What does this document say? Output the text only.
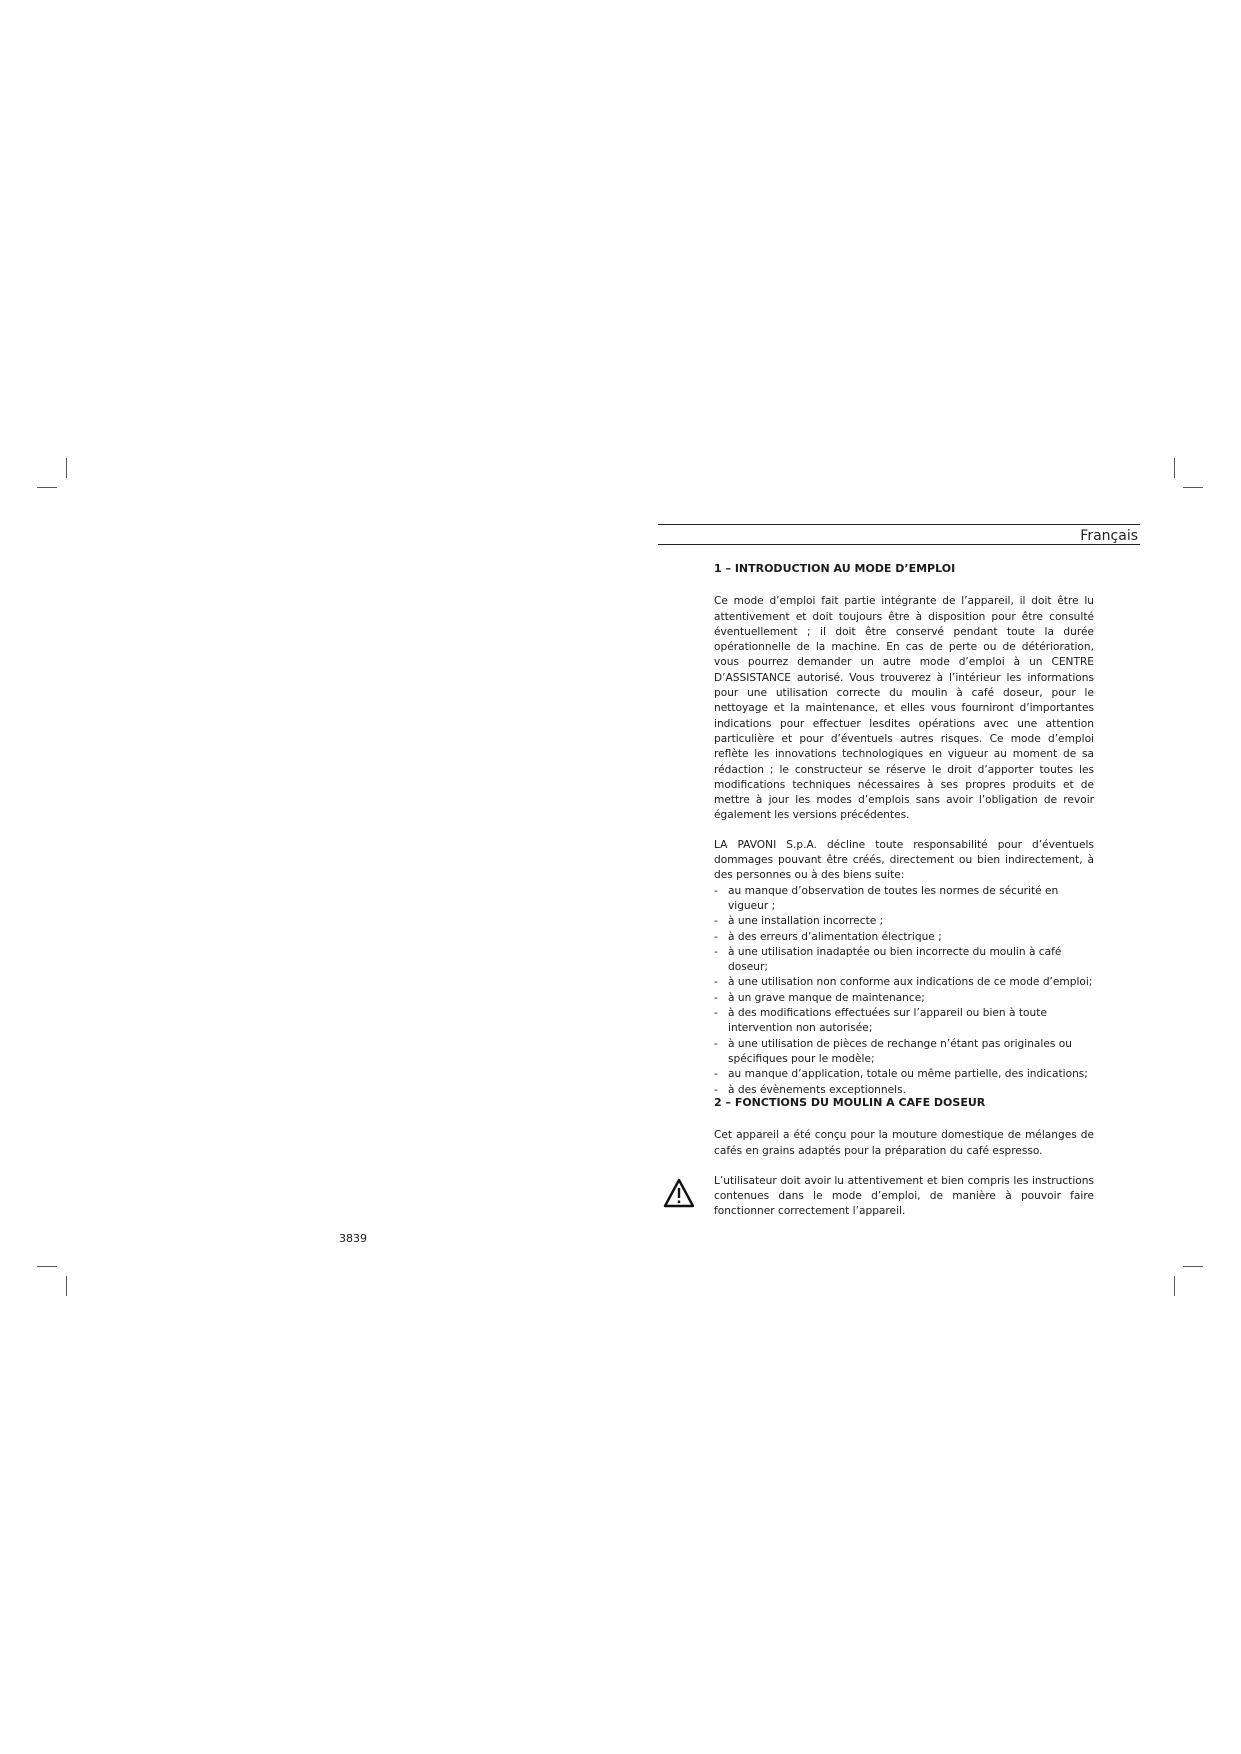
Français

1 – INTRODUCTION AU MODE D’EMPLOI

Ce mode d’emploi fait partie intégrante de l’appareil, il doit être lu attentivement et doit toujours être à disposition pour être consulté éventuellement ; il doit être conservé pendant toute la durée opérationnelle de la machine. En cas de perte ou de détérioration, vous pourrez demander un autre mode d’emploi à un CENTRE D’ASSISTANCE autorisé. Vous trouverez à l’intérieur les informations pour une utilisation correcte du moulin à café doseur, pour le nettoyage et la maintenance, et elles vous fourniront d’importantes indications pour effectuer lesdites opérations avec une attention particulière et pour d’éventuels autres risques. Ce mode d’emploi reflète les innovations technologiques en vigueur au moment de sa rédaction ; le constructeur se réserve le droit d’apporter toutes les modifications techniques nécessaires à ses propres produits et de mettre à jour les modes d’emplois sans avoir l’obligation de revoir également les versions précédentes.

LA PAVONI S.p.A. décline toute responsabilité pour d’éventuels dommages pouvant être créés, directement ou bien indirectement, à des personnes ou à des biens suite:

- au manque d’observation de toutes les normes de sécurité en vigueur ;
- à une installation incorrecte ;
- à des erreurs d’alimentation électrique ;
- à une utilisation inadaptée ou bien incorrecte du moulin à café doseur;
- à une utilisation non conforme aux indications de ce mode d’emploi;
- à un grave manque de maintenance;
- à des modifications effectuées sur l’appareil ou bien à toute intervention non autorisée;
- à une utilisation de pièces de rechange n’étant pas originales ou spécifiques pour le modèle;
- au manque d’application, totale ou même partielle, des indications;
- à des évènements exceptionnels.

2 – FONCTIONS DU MOULIN A CAFE DOSEUR

Cet appareil a été conçu pour la mouture domestique de mélanges de cafés en grains adaptés pour la préparation du café espresso.

L’utilisateur doit avoir lu attentivement et bien compris les instructions contenues dans le mode d’emploi, de manière à pouvoir faire fonctionner correctement l’appareil.

3839
